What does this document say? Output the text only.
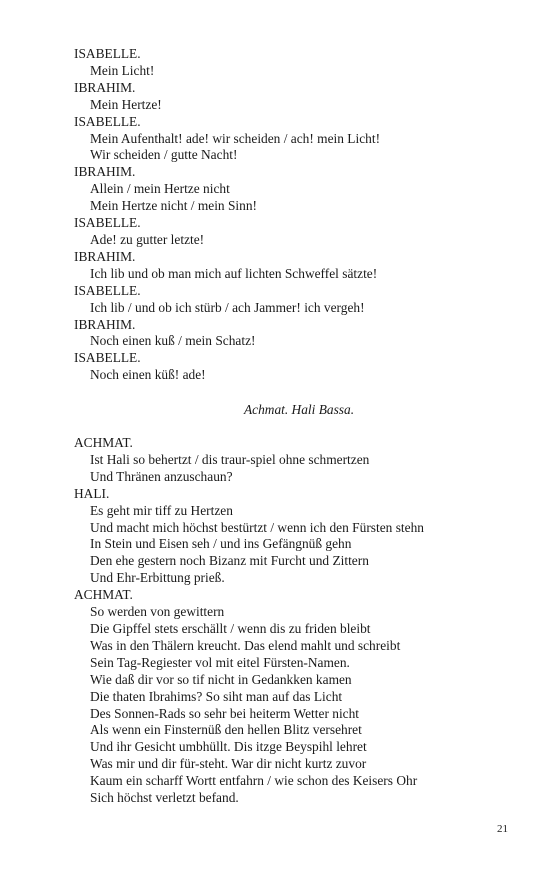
ISABELLE.
Mein Licht!
IBRAHIM.
Mein Hertze!
ISABELLE.
Mein Aufenthalt! ade! wir scheiden / ach! mein Licht!
Wir scheiden / gutte Nacht!
IBRAHIM.
Allein / mein Hertze nicht
Mein Hertze nicht / mein Sinn!
ISABELLE.
Ade! zu gutter letzte!
IBRAHIM.
Ich lib und ob man mich auf lichten Schweffel sätzte!
ISABELLE.
Ich lib / und ob ich stürb / ach Jammer! ich vergeh!
IBRAHIM.
Noch einen kuß / mein Schatz!
ISABELLE.
Noch einen küß! ade!
Achmat. Hali Bassa.
ACHMAT.
Ist Hali so behertzt / dis traur-spiel ohne schmertzen
Und Thränen anzuschaun?
HALI.
Es geht mir tiff zu Hertzen
Und macht mich höchst bestürtzt / wenn ich den Fürsten stehn
In Stein und Eisen seh / und ins Gefängnüß gehn
Den ehe gestern noch Bizanz mit Furcht und Zittern
Und Ehr-Erbittung prieß.
ACHMAT.
So werden von gewittern
Die Gipffel stets erschällt / wenn dis zu friden bleibt
Was in den Thälern kreucht. Das elend mahlt und schreibt
Sein Tag-Regiester vol mit eitel Fürsten-Namen.
Wie daß dir vor so tif nicht in Gedankken kamen
Die thaten Ibrahims? So siht man auf das Licht
Des Sonnen-Rads so sehr bei heiterm Wetter nicht
Als wenn ein Finsternüß den hellen Blitz versehret
Und ihr Gesicht umbhüllt. Dis itzge Beyspihl lehret
Was mir und dir für-steht. War dir nicht kurtz zuvor
Kaum ein scharff Wortt entfahrn / wie schon des Keisers Ohr
Sich höchst verletzt befand.
21
